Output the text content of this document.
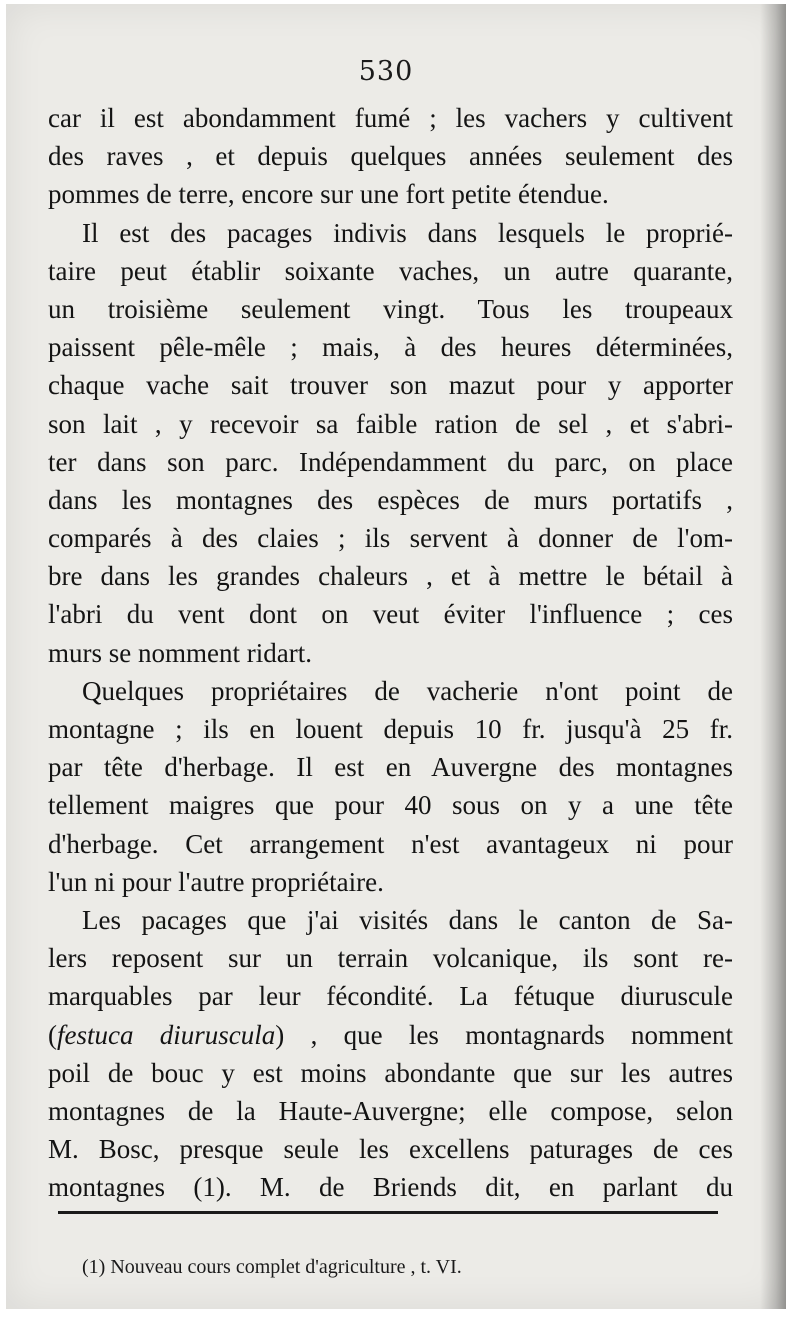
530
car il est abondamment fumé ; les vachers y cultivent
des raves , et depuis quelques années seulement des
pommes de terre, encore sur une fort petite étendue.
Il est des pacages indivis dans lesquels le proprié-
taire peut établir soixante vaches, un autre quarante,
un troisième seulement vingt. Tous les troupeaux
paissent pêle-mêle ; mais, à des heures déterminées,
chaque vache sait trouver son mazut pour y apporter
son lait , y recevoir sa faible ration de sel , et s'abri-
ter dans son parc. Indépendamment du parc, on place
dans les montagnes des espèces de murs portatifs ,
comparés à des claies ; ils servent à donner de l'om-
bre dans les grandes chaleurs , et à mettre le bétail à
l'abri du vent dont on veut éviter l'influence ; ces
murs se nomment ridart.
Quelques propriétaires de vacherie n'ont point de
montagne ; ils en louent depuis 10 fr. jusqu'à 25 fr.
par tête d'herbage. Il est en Auvergne des montagnes
tellement maigres que pour 40 sous on y a une tête
d'herbage. Cet arrangement n'est avantageux ni pour
l'un ni pour l'autre propriétaire.
Les pacages que j'ai visités dans le canton de Sa-
lers reposent sur un terrain volcanique, ils sont re-
marquables par leur fécondité. La fétuque diuruscule
(festuca diuruscula) , que les montagnards nomment
poil de bouc y est moins abondante que sur les autres
montagnes de la Haute-Auvergne; elle compose, selon
M. Bosc, presque seule les excellens paturages de ces
montagnes (1). M. de Briends dit, en parlant du
(1) Nouveau cours complet d'agriculture , t. VI.
